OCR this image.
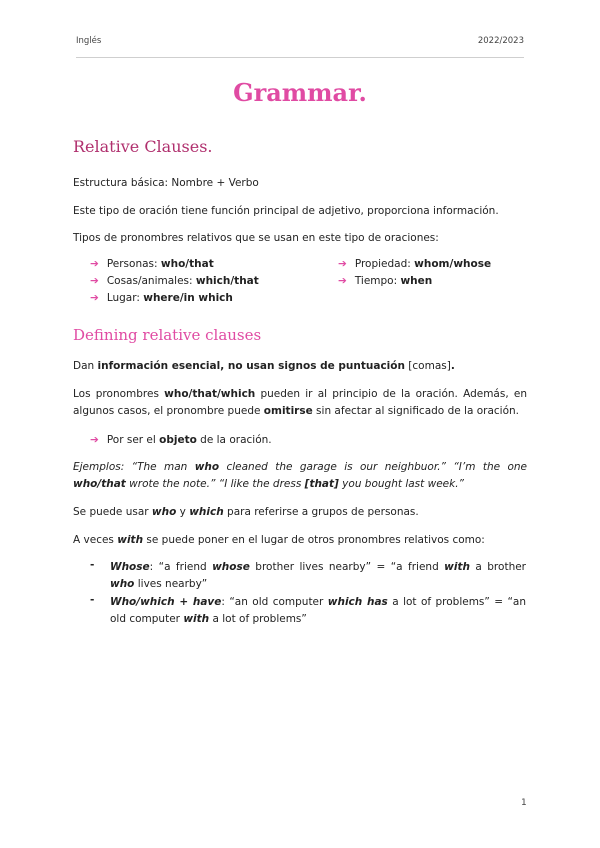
Inglés	2022/2023
Grammar.
Relative Clauses.
Estructura básica: Nombre + Verbo
Este tipo de oración tiene función principal de adjetivo, proporciona información.
Tipos de pronombres relativos que se usan en este tipo de oraciones:
➔ Personas: who/that
➔ Cosas/animales: which/that
➔ Lugar: where/in which
➔ Propiedad: whom/whose
➔ Tiempo: when
Defining relative clauses
Dan información esencial, no usan signos de puntuación [comas].
Los pronombres who/that/which pueden ir al principio de la oración. Además, en algunos casos, el pronombre puede omitirse sin afectar al significado de la oración.
➔ Por ser el objeto de la oración.
Ejemplos: “The man who cleaned the garage is our neighbuor.” “I’m the one who/that wrote the note.” “I like the dress [that] you bought last week.”
Se puede usar who y which para referirse a grupos de personas.
A veces with se puede poner en el lugar de otros pronombres relativos como:
- Whose: “a friend whose brother lives nearby” = “a friend with a brother who lives nearby”
- Who/which + have: “an old computer which has a lot of problems” = “an old computer with a lot of problems”
1
